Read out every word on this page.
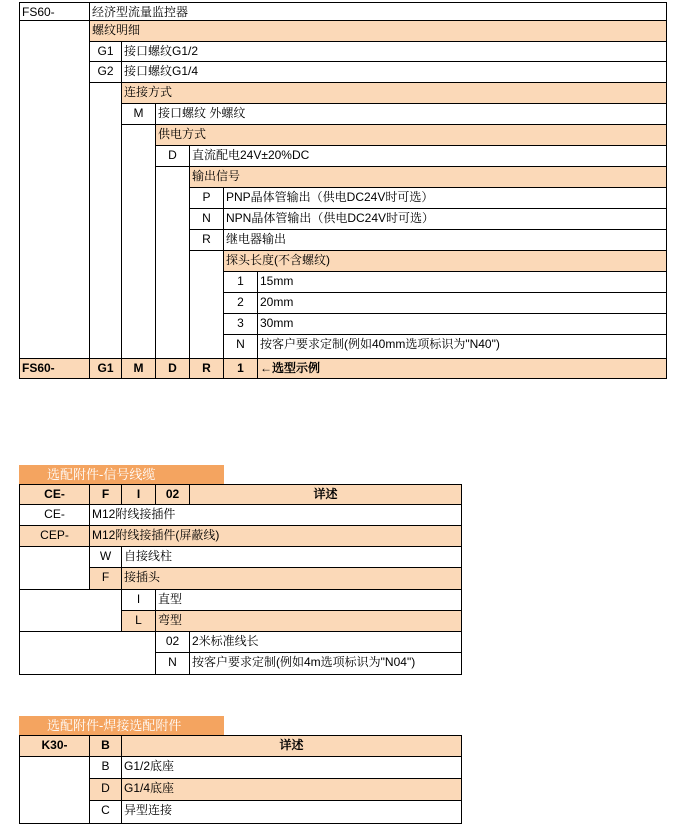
FS60-	经济型流量监控器
螺纹明细
G1 接口螺纹G1/2
G2 接口螺纹G1/4
连接方式
M	接口螺纹 外螺纹
供电方式
D	直流配电24V±20%DC
输出信号
P	PNP晶体管输出（供电DC24V时可选）
N	NPN晶体管输出（供电DC24V时可选）
R	继电器输出
探头长度(不含螺纹)
1	15mm
2	20mm
3	30mm
N	按客户要求定制(例如40mm选项标识为"N40")
FS60-	G1	M	D	R	1	←选型示例
选配附件-信号线缆
CE-	F	I	02	详述
CE-	M12附线接插件
CEP-	M12附线接插件(屏蔽线)
W	自接线柱
F	接插头
I	直型
L	弯型
02	2米标准线长
N	按客户要求定制(例如4m选项标识为"N04")
选配附件-焊接选配附件
K30-	B	详述
B	G1/2底座
D	G1/4底座
C	异型连接
